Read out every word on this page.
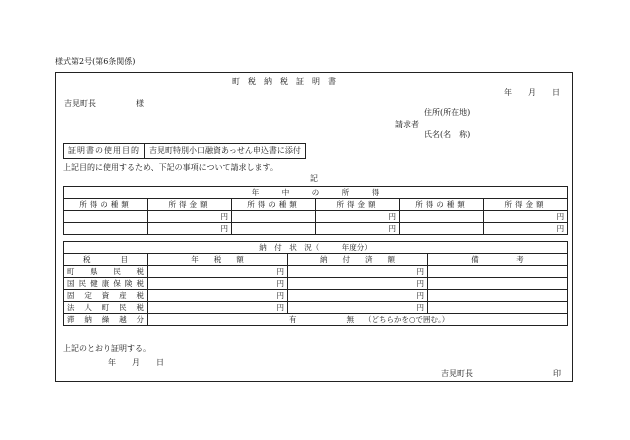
様式第2号(第6条関係)
町　税　納　税　証　明　書
年　　月　　日
吉見町長　　　　　様
住所(所在地)
請求者
氏名(名　称)
証明書の使用目的	吉見町特別小口融資あっせん申込書に添付
上記目的に使用するため、下記の事項について請求します。
記
年　　　中　　　の　　　所　　　得					
所得の種類	所得金額	所得の種類	所得金額	所得の種類	所得金額
	円		円		円
	円		円		円
納　付　状　況（　　　年度分）			
税　　　　目	年　　税　　額	納　　付　　済　　額	備　　　　　考
町県民税	円	円	
国民健康保険税	円	円	
固定資産税	円	円	
法人町民税	円	円	
滞納繰越分	有 無 （どちらかを○で囲む。）		
上記のとおり証明する。
年　　月　　日
吉見町長	印
